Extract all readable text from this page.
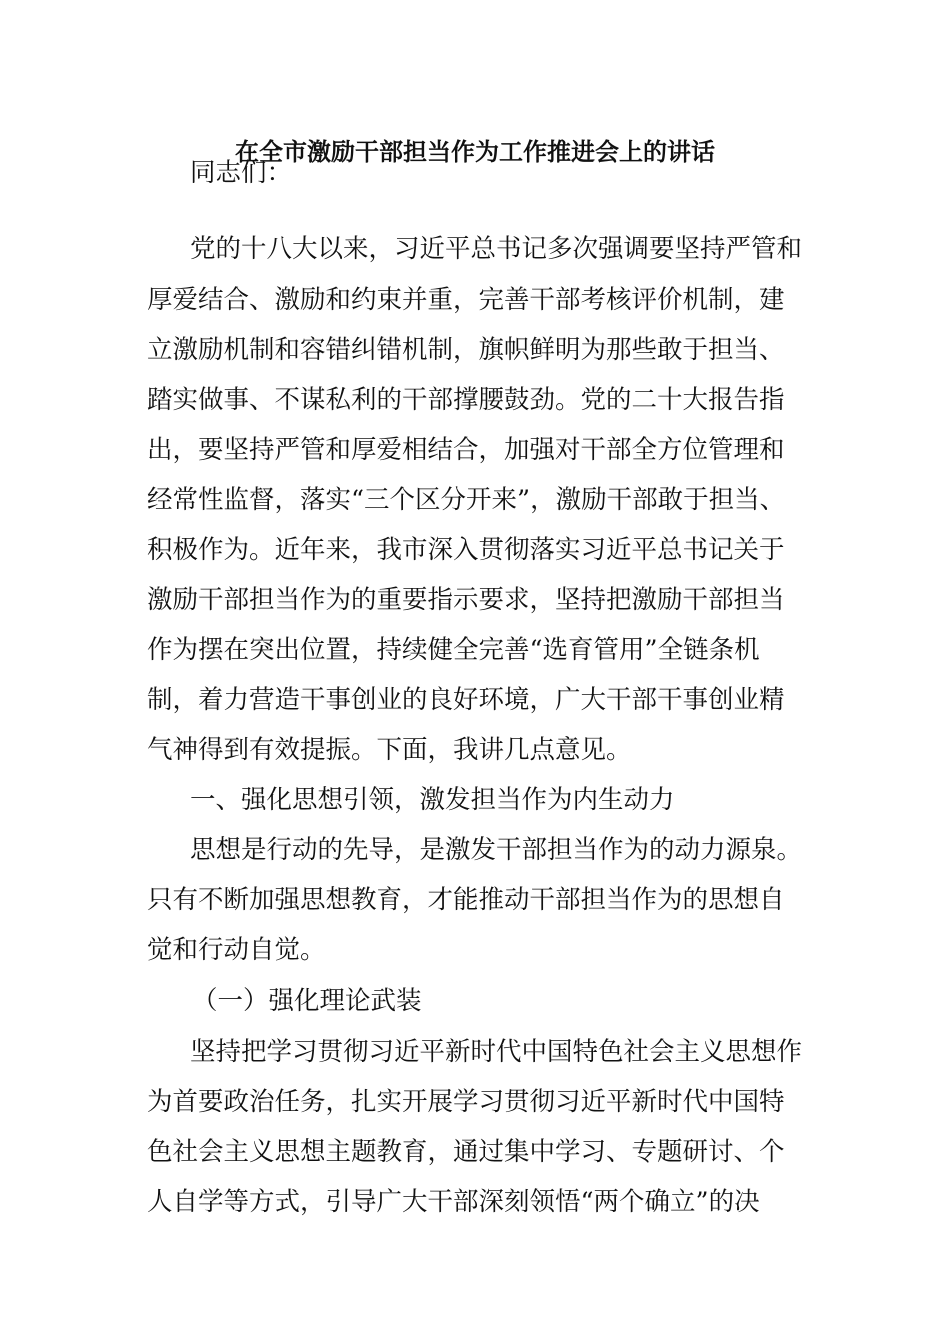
在全市激励干部担当作为工作推进会上的讲话
同志们：
党的十八大以来，习近平总书记多次强调要坚持严管和
厚爱结合、激励和约束并重，完善干部考核评价机制，建
立激励机制和容错纠错机制，旗帜鲜明为那些敢于担当、
踏实做事、不谋私利的干部撑腰鼓劲。党的二十大报告指
出，要坚持严管和厚爱相结合，加强对干部全方位管理和
经常性监督，落实“三个区分开来”，激励干部敢于担当、
积极作为。近年来，我市深入贯彻落实习近平总书记关于
激励干部担当作为的重要指示要求，坚持把激励干部担当
作为摆在突出位置，持续健全完善“选育管用”全链条机
制，着力营造干事创业的良好环境，广大干部干事创业精
气神得到有效提振。下面，我讲几点意见。
一、强化思想引领，激发担当作为内生动力
思想是行动的先导，是激发干部担当作为的动力源泉。
只有不断加强思想教育，才能推动干部担当作为的思想自
觉和行动自觉。
（一）强化理论武装
坚持把学习贯彻习近平新时代中国特色社会主义思想作
为首要政治任务，扎实开展学习贯彻习近平新时代中国特
色社会主义思想主题教育，通过集中学习、专题研讨、个
人自学等方式，引导广大干部深刻领悟“两个确立”的决
